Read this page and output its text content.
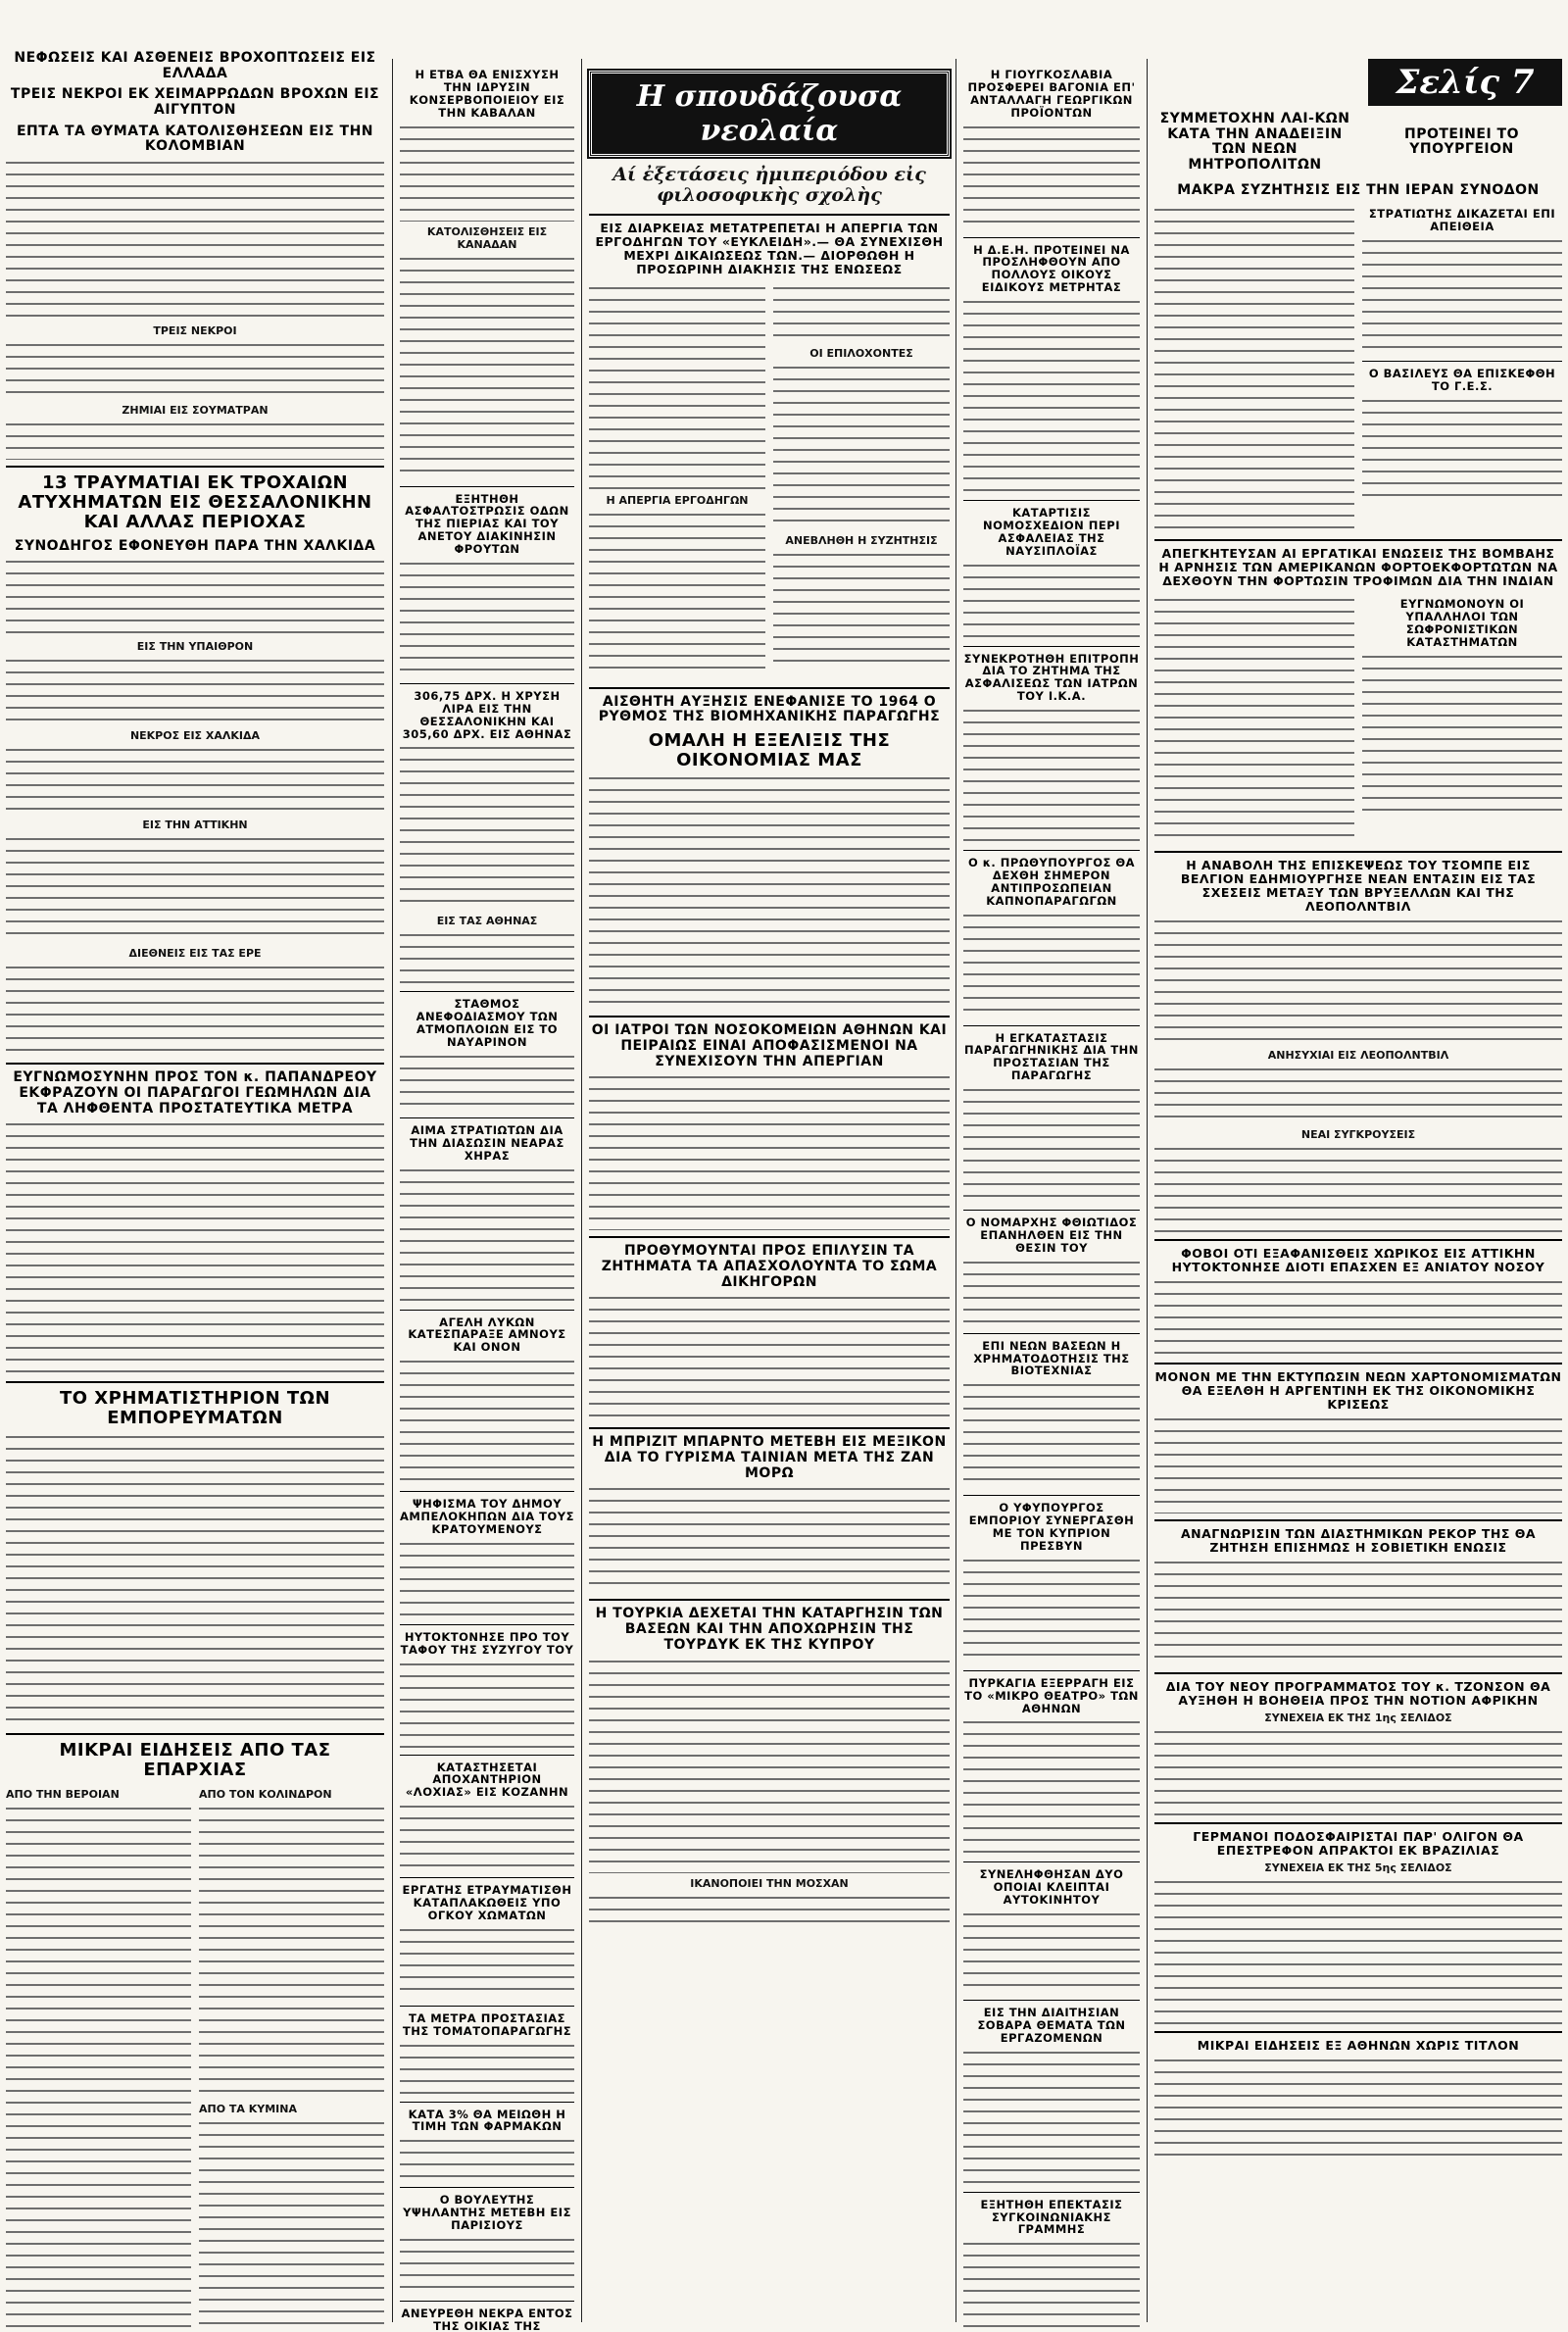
ΝΕΦΩΣΕΙΣ ΚΑΙ ΑΣΘΕΝΕΙΣ ΒΡΟΧΟΠΤΩΣΕΙΣ ΕΙΣ ΕΛΛΑΔΑ
ΤΡΕΙΣ ΝΕΚΡΟΙ ΕΚ ΧΕΙΜΑΡΡΩΔΩΝ ΒΡΟΧΩΝ ΕΙΣ ΑΙΓΥΠΤΟΝ
ΕΠΤΑ ΤΑ ΘΥΜΑΤΑ ΚΑΤΟΛΙΣΘΗΣΕΩΝ ΕΙΣ ΤΗΝ ΚΟΛΟΜΒΙΑΝ
ΤΡΕΙΣ ΝΕΚΡΟΙ
ΖΗΜΙΑΙ ΕΙΣ ΣΟΥΜΑΤΡΑΝ
13 ΤΡΑΥΜΑΤΙΑΙ ΕΚ ΤΡΟΧΑΙΩΝ ΑΤΥΧΗΜΑΤΩΝ ΕΙΣ ΘΕΣΣΑΛΟΝΙΚΗΝ ΚΑΙ ΑΛΛΑΣ ΠΕΡΙΟΧΑΣ
ΣΥΝΟΔΗΓΟΣ ΕΦΟΝΕΥΘΗ ΠΑΡΑ ΤΗΝ ΧΑΛΚΙΔΑ
ΕΙΣ ΤΗΝ ΥΠΑΙΘΡΟΝ
ΝΕΚΡΟΣ ΕΙΣ ΧΑΛΚΙΔΑ
ΕΙΣ ΤΗΝ ΑΤΤΙΚΗΝ
ΔΙΕΘΝΕΙΣ ΕΙΣ ΤΑΣ ΕΡΕ
ΕΥΓΝΩΜΟΣΥΝΗΝ ΠΡΟΣ ΤΟΝ κ. ΠΑΠΑΝΔΡΕΟΥ ΕΚΦΡΑΖΟΥΝ ΟΙ ΠΑΡΑΓΩΓΟΙ ΓΕΩΜΗΛΩΝ ΔΙΑ ΤΑ ΛΗΦΘΕΝΤΑ ΠΡΟΣΤΑΤΕΥΤΙΚΑ ΜΕΤΡΑ
ΤΟ ΧΡΗΜΑΤΙΣΤΗΡΙΟΝ ΤΩΝ ΕΜΠΟΡΕΥΜΑΤΩΝ
ΜΙΚΡΑΙ ΕΙΔΗΣΕΙΣ ΑΠΟ ΤΑΣ ΕΠΑΡΧΙΑΣ
ΑΠΟ ΤΗΝ ΒΕΡΟΙΑΝ	ΑΠΟ ΤΟΝ ΚΟΛΙΝΔΡΟΝ
ΑΠΟ ΤΑ ΚΥΜΙΝΑ
Η ΕΤΒΑ ΘΑ ΕΝΙΣΧΥΣΗ ΤΗΝ ΙΔΡΥΣΙΝ ΚΟΝΣΕΡΒΟΠΟΙΕΙΟΥ ΕΙΣ ΤΗΝ ΚΑΒΑΛΑΝ
ΚΑΤΟΛΙΣΘΗΣΕΙΣ ΕΙΣ ΚΑΝΑΔΑΝ
ΕΞΗΤΗΘΗ ΑΣΦΑΛΤΟΣΤΡΩΣΙΣ ΟΔΩΝ ΤΗΣ ΠΙΕΡΙΑΣ ΚΑΙ ΤΟΥ ΑΝΕΤΟΥ ΔΙΑΚΙΝΗΣΙΝ ΦΡΟΥΤΩΝ
306,75 ΔΡΧ. Η ΧΡΥΣΗ ΛΙΡΑ ΕΙΣ ΤΗΝ ΘΕΣΣΑΛΟΝΙΚΗΝ ΚΑΙ 305,60 ΔΡΧ. ΕΙΣ ΑΘΗΝΑΣ
ΕΙΣ ΤΑΣ ΑΘΗΝΑΣ
ΣΤΑΘΜΟΣ ΑΝΕΦΟΔΙΑΣΜΟΥ ΤΩΝ ΑΤΜΟΠΛΟΙΩΝ ΕΙΣ ΤΟ ΝΑΥΑΡΙΝΟΝ
ΑΙΜΑ ΣΤΡΑΤΙΩΤΩΝ ΔΙΑ ΤΗΝ ΔΙΑΣΩΣΙΝ ΝΕΑΡΑΣ ΧΗΡΑΣ
ΑΓΕΛΗ ΛΥΚΩΝ ΚΑΤΕΣΠΑΡΑΞΕ ΑΜΝΟΥΣ ΚΑΙ ΟΝΟΝ
ΨΗΦΙΣΜΑ ΤΟΥ ΔΗΜΟΥ ΑΜΠΕΛΟΚΗΠΩΝ ΔΙΑ ΤΟΥΣ ΚΡΑΤΟΥΜΕΝΟΥΣ
ΗΥΤΟΚΤΟΝΗΣΕ ΠΡΟ ΤΟΥ ΤΑΦΟΥ ΤΗΣ ΣΥΖΥΓΟΥ ΤΟΥ
ΚΑΤΑΣΤΗΣΕΤΑΙ ΑΠΟΧΑΝΤΗΡΙΟΝ «ΛΟΧΙΑΣ» ΕΙΣ ΚΟΖΑΝΗΝ
ΕΡΓΑΤΗΣ ΕΤΡΑΥΜΑΤΙΣΘΗ ΚΑΤΑΠΛΑΚΩΘΕΙΣ ΥΠΟ ΟΓΚΟΥ ΧΩΜΑΤΩΝ
ΤΑ ΜΕΤΡΑ ΠΡΟΣΤΑΣΙΑΣ ΤΗΣ ΤΟΜΑΤΟΠΑΡΑΓΩΓΗΣ
ΚΑΤΑ 3% ΘΑ ΜΕΙΩΘΗ Η ΤΙΜΗ ΤΩΝ ΦΑΡΜΑΚΩΝ
Ο ΒΟΥΛΕΥΤΗΣ ΥΨΗΛΑΝΤΗΣ ΜΕΤΕΒΗ ΕΙΣ ΠΑΡΙΣΙΟΥΣ
ΑΝΕΥΡΕΘΗ ΝΕΚΡΑ ΕΝΤΟΣ ΤΗΣ ΟΙΚΙΑΣ ΤΗΣ
Η σπουδάζουσα νεολαία
Αί ἐξετάσεις ἠμιπεριόδου εἰς φιλοσοφικὴς σχολὴς
ΕΙΣ ΔΙΑΡΚΕΙΑΣ ΜΕΤΑΤΡΕΠΕΤΑΙ Η ΑΠΕΡΓΙΑ ΤΩΝ ΕΡΓΟΔΗΓΩΝ ΤΟΥ «ΕΥΚΛΕΙΔΗ».— ΘΑ ΣΥΝΕΧΙΣΘΗ ΜΕΧΡΙ ΔΙΚΑΙΩΣΕΩΣ ΤΩΝ.— ΔΙΟΡΘΩΘΗ Η ΠΡΟΣΩΡΙΝΗ ΔΙΑΚΗΣΙΣ ΤΗΣ ΕΝΩΣΕΩΣ
Η ΑΠΕΡΓΙΑ ΕΡΓΟΔΗΓΩΝ
ΟΙ ΕΠΙΛΟΧΟΝΤΕΣ
ΑΝΕΒΛΗΘΗ Η ΣΥΖΗΤΗΣΙΣ
ΑΙΣΘΗΤΗ ΑΥΞΗΣΙΣ ΕΝΕΦΑΝΙΣΕ ΤΟ 1964 Ο ΡΥΘΜΟΣ ΤΗΣ ΒΙΟΜΗΧΑΝΙΚΗΣ ΠΑΡΑΓΩΓΗΣ
ΟΜΑΛΗ Η ΕΞΕΛΙΞΙΣ ΤΗΣ ΟΙΚΟΝΟΜΙΑΣ ΜΑΣ
ΟΙ ΙΑΤΡΟΙ ΤΩΝ ΝΟΣΟΚΟΜΕΙΩΝ ΑΘΗΝΩΝ ΚΑΙ ΠΕΙΡΑΙΩΣ ΕΙΝΑΙ ΑΠΟΦΑΣΙΣΜΕΝΟΙ ΝΑ ΣΥΝΕΧΙΣΟΥΝ ΤΗΝ ΑΠΕΡΓΙΑΝ
ΠΡΟΘΥΜΟΥΝΤΑΙ ΠΡΟΣ ΕΠΙΛΥΣΙΝ ΤΑ ΖΗΤΗΜΑΤΑ ΤΑ ΑΠΑΣΧΟΛΟΥΝΤΑ ΤΟ ΣΩΜΑ ΔΙΚΗΓΟΡΩΝ
Η ΜΠΡΙΖΙΤ ΜΠΑΡΝΤΟ ΜΕΤΕΒΗ ΕΙΣ ΜΕΞΙΚΟΝ ΔΙΑ ΤΟ ΓΥΡΙΣΜΑ ΤΑΙΝΙΑΝ ΜΕΤΑ ΤΗΣ ΖΑΝ ΜΟΡΩ
Η ΤΟΥΡΚΙΑ ΔΕΧΕΤΑΙ ΤΗΝ ΚΑΤΑΡΓΗΣΙΝ ΤΩΝ ΒΑΣΕΩΝ ΚΑΙ ΤΗΝ ΑΠΟΧΩΡΗΣΙΝ ΤΗΣ ΤΟΥΡΔΥΚ ΕΚ ΤΗΣ ΚΥΠΡΟΥ
ΙΚΑΝΟΠΟΙΕΙ ΤΗΝ ΜΟΣΧΑΝ
Η ΓΙΟΥΓΚΟΣΛΑΒΙΑ ΠΡΟΣΦΕΡΕΙ ΒΑΓΟΝΙΑ ΕΠ' ΑΝΤΑΛΛΑΓΗ ΓΕΩΡΓΙΚΩΝ ΠΡΟΪΟΝΤΩΝ
Η Δ.Ε.Η. ΠΡΟΤΕΙΝΕΙ ΝΑ ΠΡΟΣΛΗΦΘΟΥΝ ΑΠΟ ΠΟΛΛΟΥΣ ΟΙΚΟΥΣ ΕΙΔΙΚΟΥΣ ΜΕΤΡΗΤΑΣ
ΚΑΤΑΡΤΙΣΙΣ ΝΟΜΟΣΧΕΔΙΟΝ ΠΕΡΙ ΑΣΦΑΛΕΙΑΣ ΤΗΣ ΝΑΥΣΙΠΛΟΪΑΣ
ΣΥΝΕΚΡΟΤΗΘΗ ΕΠΙΤΡΟΠΗ ΔΙΑ ΤΟ ΖΗΤΗΜΑ ΤΗΣ ΑΣΦΑΛΙΣΕΩΣ ΤΩΝ ΙΑΤΡΩΝ ΤΟΥ Ι.Κ.Α.
Ο κ. ΠΡΩΘΥΠΟΥΡΓΟΣ ΘΑ ΔΕΧΘΗ ΣΗΜΕΡΟΝ ΑΝΤΙΠΡΟΣΩΠΕΙΑΝ ΚΑΠΝΟΠΑΡΑΓΩΓΩΝ
Η ΕΓΚΑΤΑΣΤΑΣΙΣ ΠΑΡΑΓΩΓΗΝΙΚΗΣ ΔΙΑ ΤΗΝ ΠΡΟΣΤΑΣΙΑΝ ΤΗΣ ΠΑΡΑΓΩΓΗΣ
Ο ΝΟΜΑΡΧΗΣ ΦΘΙΩΤΙΔΟΣ ΕΠΑΝΗΛΘΕΝ ΕΙΣ ΤΗΝ ΘΕΣΙΝ ΤΟΥ
ΕΠΙ ΝΕΩΝ ΒΑΣΕΩΝ Η ΧΡΗΜΑΤΟΔΟΤΗΣΙΣ ΤΗΣ ΒΙΟΤΕΧΝΙΑΣ
Ο ΥΦΥΠΟΥΡΓΟΣ ΕΜΠΟΡΙΟΥ ΣΥΝΕΡΓΑΣΘΗ ΜΕ ΤΟΝ ΚΥΠΡΙΟΝ ΠΡΕΣΒΥΝ
ΠΥΡΚΑΓΙΑ ΕΞΕΡΡΑΓΗ ΕΙΣ ΤΟ «ΜΙΚΡΟ ΘΕΑΤΡΟ» ΤΩΝ ΑΘΗΝΩΝ
ΣΥΝΕΛΗΦΘΗΣΑΝ ΔΥΟ ΟΠΟΙΑΙ ΚΛΕΙΠΤΑΙ ΑΥΤΟΚΙΝΗΤΟΥ
ΕΙΣ ΤΗΝ ΔΙΑΙΤΗΣΙΑΝ ΣΟΒΑΡΑ ΘΕΜΑΤΑ ΤΩΝ ΕΡΓΑΖΟΜΕΝΩΝ
ΕΞΗΤΗΘΗ ΕΠΕΚΤΑΣΙΣ ΣΥΓΚΟΙΝΩΝΙΑΚΗΣ ΓΡΑΜΜΗΣ
Σελίς 7
ΣΥΜΜΕΤΟΧΗΝ ΛΑΙ-ΚΩΝ ΚΑΤΑ ΤΗΝ ΑΝΑΔΕΙΞΙΝ ΤΩΝ ΝΕΩΝ ΜΗΤΡΟΠΟΛΙΤΩΝ
ΠΡΟΤΕΙΝΕΙ ΤΟ ΥΠΟΥΡΓΕΙΟΝ
ΜΑΚΡΑ ΣΥΖΗΤΗΣΙΣ ΕΙΣ ΤΗΝ ΙΕΡΑΝ ΣΥΝΟΔΟΝ
ΣΤΡΑΤΙΩΤΗΣ ΔΙΚΑΖΕΤΑΙ ΕΠΙ ΑΠΕΙΘΕΙΑ
Ο ΒΑΣΙΛΕΥΣ ΘΑ ΕΠΙΣΚΕΦΘΗ ΤΟ Γ.Ε.Σ.
ΑΠΕΓΚΗΤΕΥΣΑΝ ΑΙ ΕΡΓΑΤΙΚΑΙ ΕΝΩΣΕΙΣ ΤΗΣ ΒΟΜΒΑΗΣ Η ΑΡΝΗΣΙΣ ΤΩΝ ΑΜΕΡΙΚΑΝΩΝ ΦΟΡΤΟΕΚΦΟΡΤΩΤΩΝ ΝΑ ΔΕΧΘΟΥΝ ΤΗΝ ΦΟΡΤΩΣΙΝ ΤΡΟΦΙΜΩΝ ΔΙΑ ΤΗΝ ΙΝΔΙΑΝ
ΕΥΓΝΩΜΟΝΟΥΝ ΟΙ ΥΠΑΛΛΗΛΟΙ ΤΩΝ ΣΩΦΡΟΝΙΣΤΙΚΩΝ ΚΑΤΑΣΤΗΜΑΤΩΝ
Η ΑΝΑΒΟΛΗ ΤΗΣ ΕΠΙΣΚΕΨΕΩΣ ΤΟΥ ΤΣΟΜΠΕ ΕΙΣ ΒΕΛΓΙΟΝ ΕΔΗΜΙΟΥΡΓΗΣΕ ΝΕΑΝ ΕΝΤΑΣΙΝ ΕΙΣ ΤΑΣ ΣΧΕΣΕΙΣ ΜΕΤΑΞΥ ΤΩΝ ΒΡΥΞΕΛΛΩΝ ΚΑΙ ΤΗΣ ΛΕΟΠΟΛΝΤΒΙΛ
ΑΝΗΣΥΧΙΑΙ ΕΙΣ ΛΕΟΠΟΛΝΤΒΙΛ
ΝΕΑΙ ΣΥΓΚΡΟΥΣΕΙΣ
ΦΟΒΟΙ ΟΤΙ ΕΞΑΦΑΝΙΣΘΕΙΣ ΧΩΡΙΚΟΣ ΕΙΣ ΑΤΤΙΚΗΝ ΗΥΤΟΚΤΟΝΗΣΕ ΔΙΟΤΙ ΕΠΑΣΧΕΝ ΕΞ ΑΝΙΑΤΟΥ ΝΟΣΟΥ
ΜΟΝΟΝ ΜΕ ΤΗΝ ΕΚΤΥΠΩΣΙΝ ΝΕΩΝ ΧΑΡΤΟΝΟΜΙΣΜΑΤΩΝ ΘΑ ΕΞΕΛΘΗ Η ΑΡΓΕΝΤΙΝΗ ΕΚ ΤΗΣ ΟΙΚΟΝΟΜΙΚΗΣ ΚΡΙΣΕΩΣ
ΑΝΑΓΝΩΡΙΣΙΝ ΤΩΝ ΔΙΑΣΤΗΜΙΚΩΝ ΡΕΚΟΡ ΤΗΣ ΘΑ ΖΗΤΗΣΗ ΕΠΙΣΗΜΩΣ Η ΣΟΒΙΕΤΙΚΗ ΕΝΩΣΙΣ
ΔΙΑ ΤΟΥ ΝΕΟΥ ΠΡΟΓΡΑΜΜΑΤΟΣ ΤΟΥ κ. ΤΖΟΝΣΟΝ ΘΑ ΑΥΞΗΘΗ Η ΒΟΗΘΕΙΑ ΠΡΟΣ ΤΗΝ ΝΟΤΙΟΝ ΑΦΡΙΚΗΝ
ΣΥΝΕΧΕΙΑ ΕΚ ΤΗΣ 1ης ΣΕΛΙΔΟΣ
ΓΕΡΜΑΝΟΙ ΠΟΔΟΣΦΑΙΡΙΣΤΑΙ ΠΑΡ' ΟΛΙΓΟΝ ΘΑ ΕΠΕΣΤΡΕΦΟΝ ΑΠΡΑΚΤΟΙ ΕΚ ΒΡΑΖΙΛΙΑΣ
ΣΥΝΕΧΕΙΑ ΕΚ ΤΗΣ 5ης ΣΕΛΙΔΟΣ
ΜΙΚΡΑΙ ΕΙΔΗΣΕΙΣ ΕΞ ΑΘΗΝΩΝ ΧΩΡΙΣ ΤΙΤΛΟΝ
